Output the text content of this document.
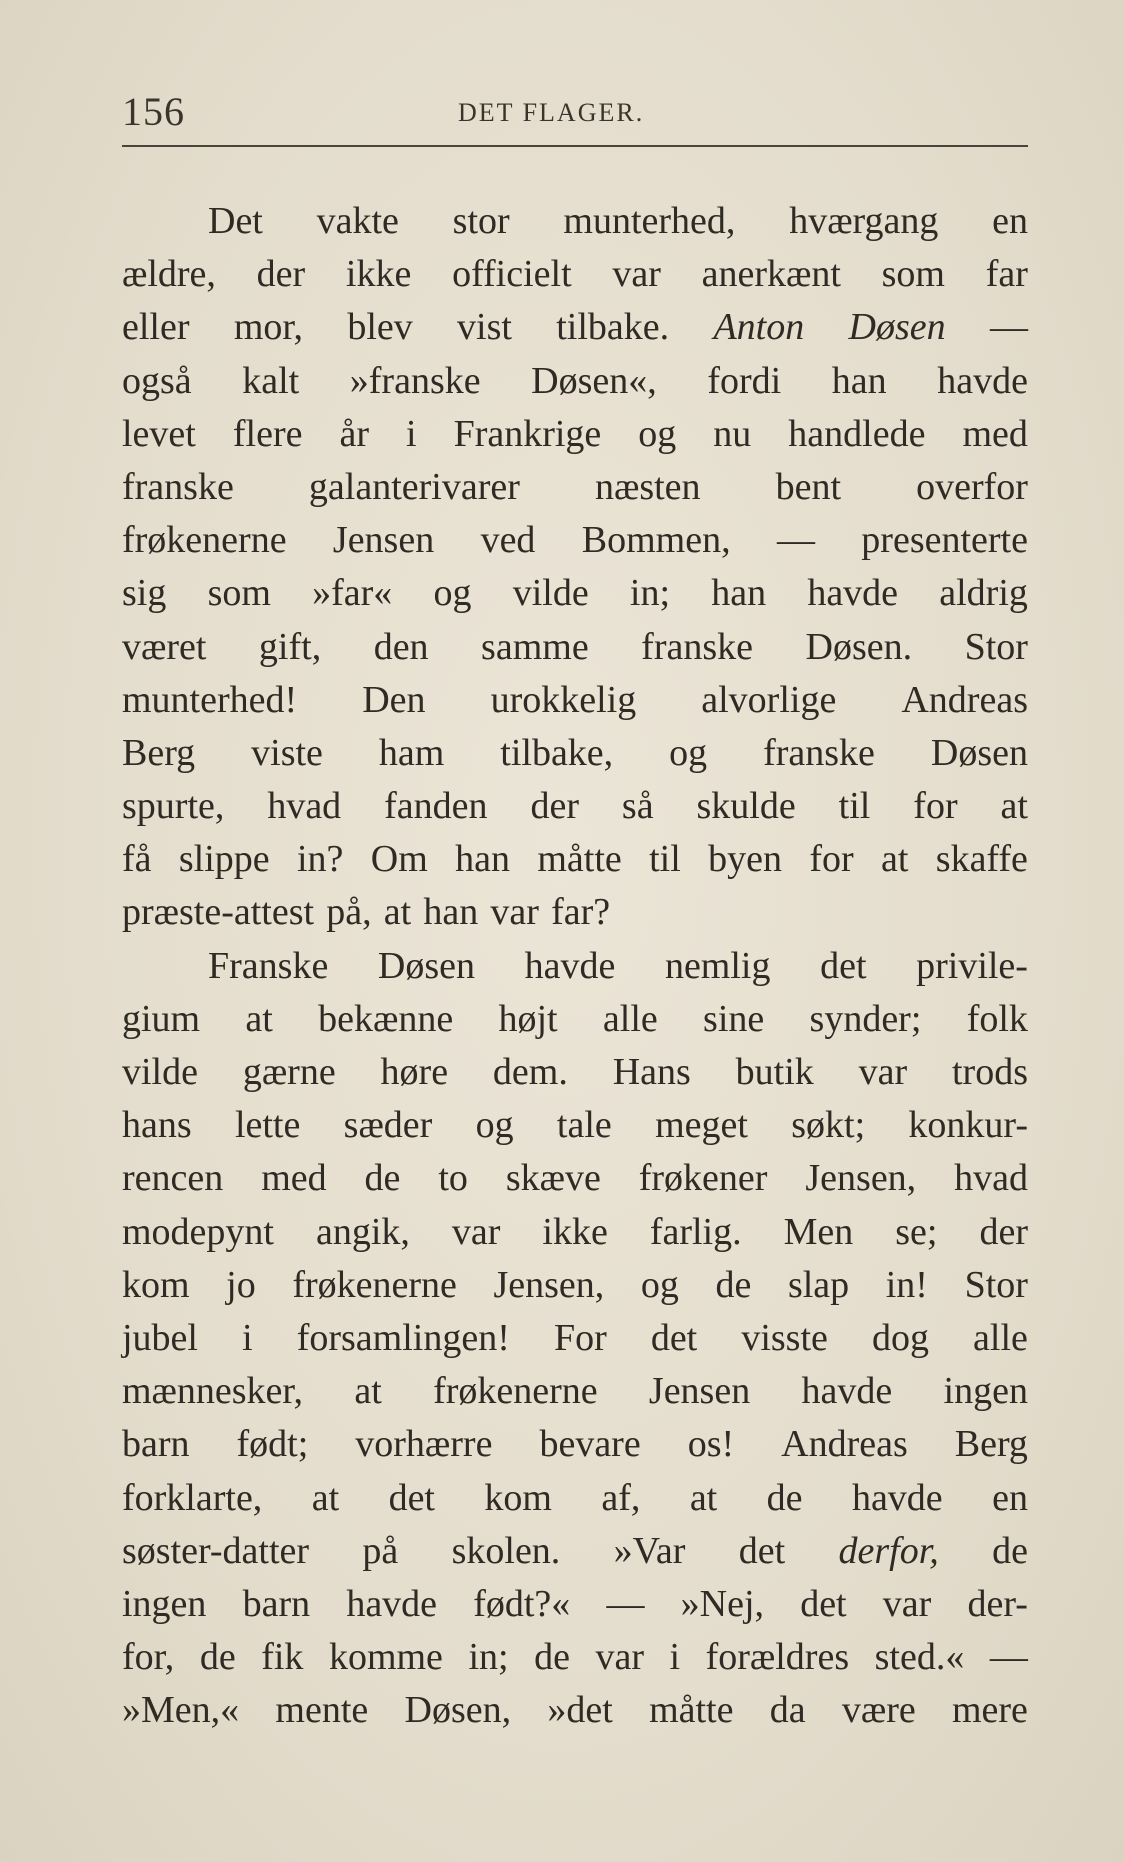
156	DET FLAGER.
Det vakte stor munterhed, hværgang en
ældre, der ikke officielt var anerkænt som far
eller mor, blev vist tilbake. Anton Døsen —
også kalt »franske Døsen«, fordi han havde
levet flere år i Frankrige og nu handlede med
franske galanterivarer næsten bent overfor
frøkenerne Jensen ved Bommen, — presenterte
sig som »far« og vilde in; han havde aldrig
været gift, den samme franske Døsen. Stor
munterhed! Den urokkelig alvorlige Andreas
Berg viste ham tilbake, og franske Døsen
spurte, hvad fanden der så skulde til for at
få slippe in? Om han måtte til byen for at skaffe
præste-attest på, at han var far?
Franske Døsen havde nemlig det privile-
gium at bekænne højt alle sine synder; folk
vilde gærne høre dem. Hans butik var trods
hans lette sæder og tale meget søkt; konkur-
rencen med de to skæve frøkener Jensen, hvad
modepynt angik, var ikke farlig. Men se; der
kom jo frøkenerne Jensen, og de slap in! Stor
jubel i forsamlingen! For det visste dog alle
mænnesker, at frøkenerne Jensen havde ingen
barn født; vorhærre bevare os! Andreas Berg
forklarte, at det kom af, at de havde en
søster-datter på skolen. »Var det derfor, de
ingen barn havde født?« — »Nej, det var der-
for, de fik komme in; de var i forældres sted.« —
»Men,« mente Døsen, »det måtte da være mere
